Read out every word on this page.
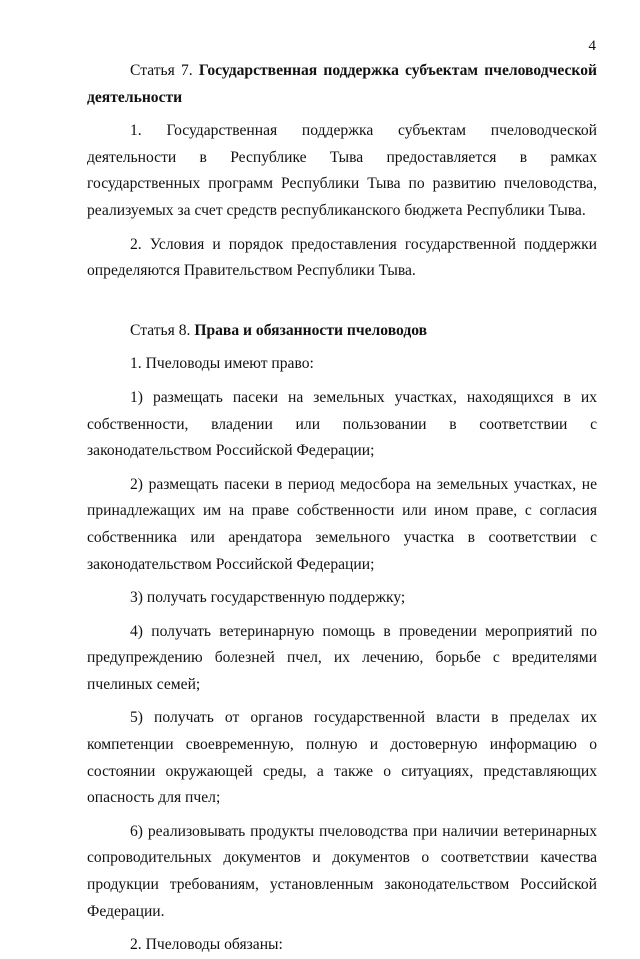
4

Статья 7. Государственная поддержка субъектам пчеловодческой деятельности

1. Государственная поддержка субъектам пчеловодческой деятельности в Республике Тыва предоставляется в рамках государственных программ Республики Тыва по развитию пчеловодства, реализуемых за счет средств республиканского бюджета Республики Тыва.

2. Условия и порядок предоставления государственной поддержки определяются Правительством Республики Тыва.

Статья 8. Права и обязанности пчеловодов

1. Пчеловоды имеют право:

1) размещать пасеки на земельных участках, находящихся в их собственности, владении или пользовании в соответствии с законодательством Российской Федерации;

2) размещать пасеки в период медосбора на земельных участках, не принадлежащих им на праве собственности или ином праве, с согласия собственника или арендатора земельного участка в соответствии с законодательством Российской Федерации;

3) получать государственную поддержку;

4) получать ветеринарную помощь в проведении мероприятий по предупреждению болезней пчел, их лечению, борьбе с вредителями пчелиных семей;

5) получать от органов государственной власти в пределах их компетенции своевременную, полную и достоверную информацию о состоянии окружающей среды, а также о ситуациях, представляющих опасность для пчел;

6) реализовывать продукты пчеловодства при наличии ветеринарных сопроводительных документов и документов о соответствии качества продукции требованиям, установленным законодательством Российской Федерации.

2. Пчеловоды обязаны:
